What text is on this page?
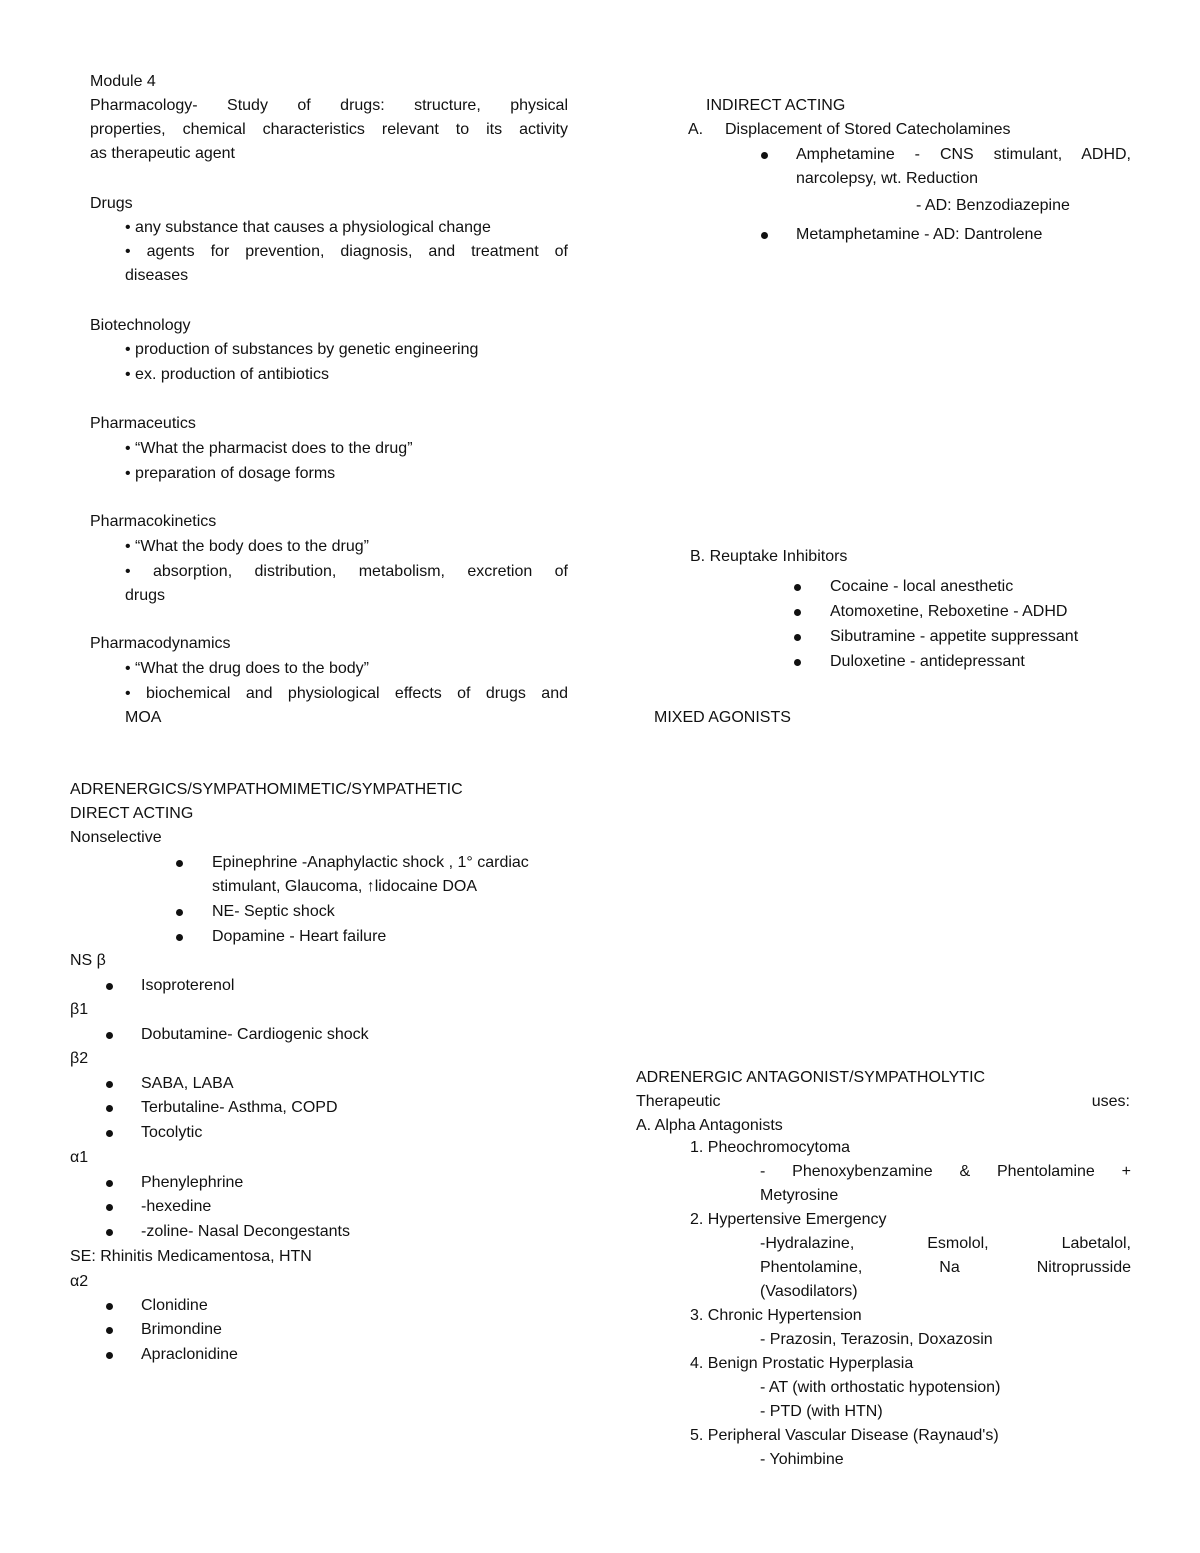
Module 4

Pharmacology- Study of drugs: structure, physical

properties, chemical characteristics relevant to its activity

as therapeutic agent

Drugs

• any substance that causes a physiological change

• agents for prevention, diagnosis, and treatment of

diseases

Biotechnology

• production of substances by genetic engineering

• ex. production of antibiotics

Pharmaceutics

• “What the pharmacist does to the drug”

• preparation of dosage forms

Pharmacokinetics

• “What the body does to the drug”

• absorption, distribution, metabolism, excretion of

drugs

Pharmacodynamics

• “What the drug does to the body”

• biochemical and physiological effects of drugs and

MOA

ADRENERGICS/SYMPATHOMIMETIC/SYMPATHETIC

DIRECT ACTING

Nonselective

Epinephrine -Anaphylactic shock , 1° cardiac

stimulant, Glaucoma, ↑lidocaine DOA

NE- Septic shock

Dopamine - Heart failure

NS β

Isoproterenol

β1

Dobutamine- Cardiogenic shock

β2

SABA, LABA

Terbutaline- Asthma, COPD

Tocolytic

α1

Phenylephrine

-hexedine

-zoline- Nasal Decongestants

SE: Rhinitis Medicamentosa, HTN

α2

Clonidine

Brimondine

Apraclonidine

INDIRECT ACTING

A. Displacement of Stored Catecholamines

Amphetamine - CNS stimulant, ADHD,

narcolepsy, wt. Reduction

- AD: Benzodiazepine

Metamphetamine - AD: Dantrolene

B. Reuptake Inhibitors

Cocaine - local anesthetic

Atomoxetine, Reboxetine - ADHD

Sibutramine - appetite suppressant

Duloxetine - antidepressant

MIXED AGONISTS

ADRENERGIC ANTAGONIST/SYMPATHOLYTIC

Therapeutic	uses:

A. Alpha Antagonists

1. Pheochromocytoma

- Phenoxybenzamine & Phentolamine +

Metyrosine

2. Hypertensive Emergency

-Hydralazine, Esmolol, Labetalol,

Phentolamine, Na Nitroprusside

(Vasodilators)

3. Chronic Hypertension

- Prazosin, Terazosin, Doxazosin

4. Benign Prostatic Hyperplasia

- AT (with orthostatic hypotension)

- PTD (with HTN)

5. Peripheral Vascular Disease (Raynaud's)

- Yohimbine
